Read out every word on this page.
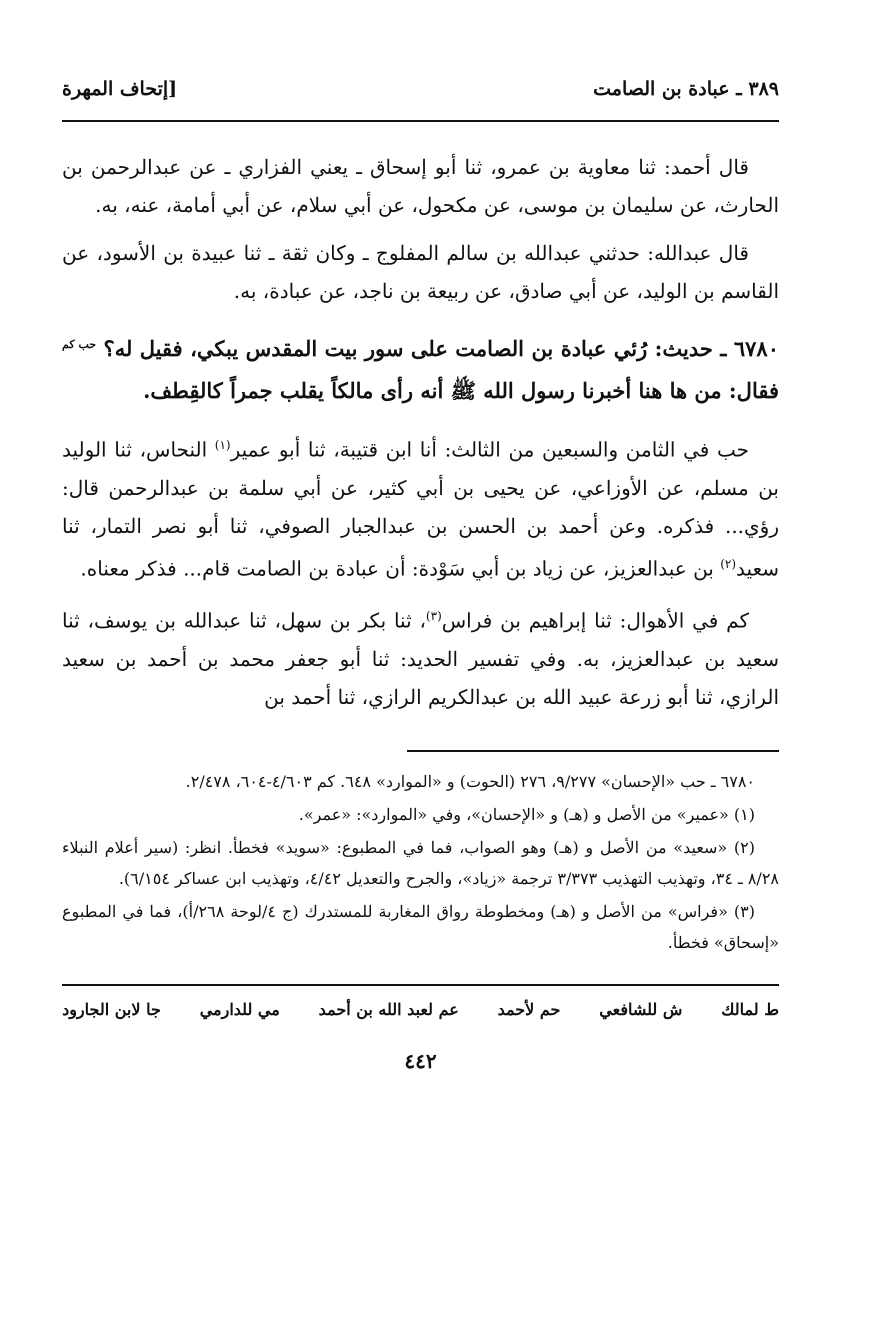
٣٨٩ ـ عبادة بن الصامت
[إتحاف المهرة

قال أحمد: ثنا معاوية بن عمرو، ثنا أبو إسحاق ـ يعني الفزاري ـ عن عبدالرحمن بن الحارث، عن سليمان بن موسى، عن مكحول، عن أبي سلام، عن أبي أمامة، عنه، به.

قال عبدالله: حدثني عبدالله بن سالم المفلوج ـ وكان ثقة ـ ثنا عبيدة بن الأسود، عن القاسم بن الوليد، عن أبي صادق، عن ربيعة بن ناجد، عن عبادة، به.

٦٧٨٠ ـ حديث: رُئي عبادة بن الصامت على سور بيت المقدس يبكي، فقيل له؟ $^{حب كم}$ فقال: من ها هنا أخبرنا رسول الله ﷺ أنه رأى مالكاً يقلب جمراً كالقِطف.

حب في الثامن والسبعين من الثالث: أنا ابن قتيبة، ثنا أبو عمير$^{(١)}$ النحاس، ثنا الوليد بن مسلم، عن الأوزاعي، عن يحيى بن أبي كثير، عن أبي سلمة بن عبدالرحمن قال: رؤي... فذكره. وعن أحمد بن الحسن بن عبدالجبار الصوفي، ثنا أبو نصر التمار، ثنا سعيد$^{(٢)}$ بن عبدالعزيز، عن زياد بن أبي سَوْدة: أن عبادة بن الصامت قام... فذكر معناه.

كم في الأهوال: ثنا إبراهيم بن فراس$^{(٣)}$، ثنا بكر بن سهل، ثنا عبدالله بن يوسف، ثنا سعيد بن عبدالعزيز، به. وفي تفسير الحديد: ثنا أبو جعفر محمد بن أحمد بن سعيد الرازي، ثنا أبو زرعة عبيد الله بن عبدالكريم الرازي، ثنا أحمد بن

٦٧٨٠ ـ حب «الإحسان» ٩/٢٧٧، ٢٧٦ (الحوت) و «الموارد» ٦٤٨. كم ٤/٦٠٣-٦٠٤، ٢/٤٧٨.

(١) «عمير» من الأصل و (هـ) و «الإحسان»، وفي «الموارد»: «عمر».

(٢) «سعيد» من الأصل و (هـ) وهو الصواب، فما في المطبوع: «سويد» فخطأ. انظر: (سير أعلام النبلاء ٨/٢٨ ـ ٣٤، وتهذيب التهذيب ٣/٣٧٣ ترجمة «زياد»، والجرح والتعديل ٤/٤٢، وتهذيب ابن عساكر ٦/١٥٤).

(٣) «فراس» من الأصل و (هـ) ومخطوطة رواق المغاربة للمستدرك (ج ٤/لوحة ٢٦٨/أ)، فما في المطبوع «إسحاق» فخطأ.

ط لمالك
ش للشافعي
حم لأحمد
عم لعبد الله بن أحمد
مي للدارمي
جا لابن الجارود
٤٤٢
